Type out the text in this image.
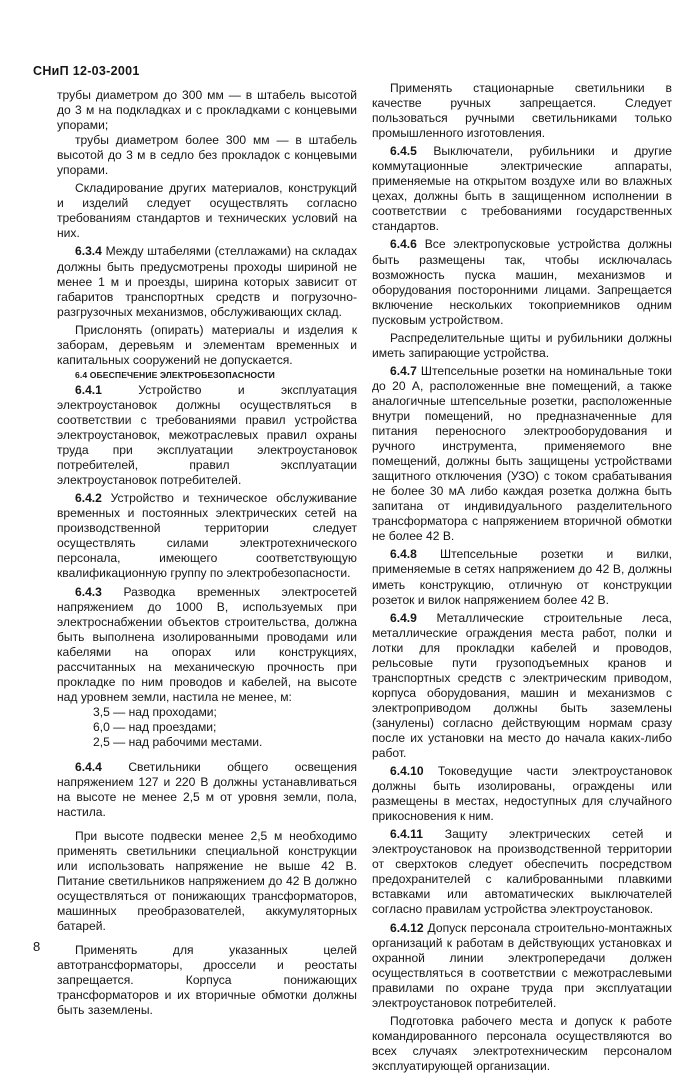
СНиП 12-03-2001

трубы диаметром до 300 мм — в штабель высотой до 3 м на подкладках и с прокладками с концевыми упорами;

трубы диаметром более 300 мм — в штабель высотой до 3 м в седло без прокладок с концевыми упорами.

Складирование других материалов, конструкций и изделий следует осуществлять согласно требованиям стандартов и технических условий на них.

6.3.4 Между штабелями (стеллажами) на складах должны быть предусмотрены проходы шириной не менее 1 м и проезды, ширина которых зависит от габаритов транспортных средств и погрузочно-разгрузочных механизмов, обслуживающих склад.

Прислонять (опирать) материалы и изделия к заборам, деревьям и элементам временных и капитальных сооружений не допускается.

6.4 ОБЕСПЕЧЕНИЕ ЭЛЕКТРОБЕЗОПАСНОСТИ

6.4.1 Устройство и эксплуатация электроустановок должны осуществляться в соответствии с требованиями правил устройства электроустановок, межотраслевых правил охраны труда при эксплуатации электроустановок потребителей, правил эксплуатации электроустановок потребителей.

6.4.2 Устройство и техническое обслуживание временных и постоянных электрических сетей на производственной территории следует осуществлять силами электротехнического персонала, имеющего соответствующую квалификационную группу по электробезопасности.

6.4.3 Разводка временных электросетей напряжением до 1000 В, используемых при электроснабжении объектов строительства, должна быть выполнена изолированными проводами или кабелями на опорах или конструкциях, рассчитанных на механическую прочность при прокладке по ним проводов и кабелей, на высоте над уровнем земли, настила не менее, м:

3,5 — над проходами;

6,0 — над проездами;

2,5 — над рабочими местами.

6.4.4 Светильники общего освещения напряжением 127 и 220 В должны устанавливаться на высоте не менее 2,5 м от уровня земли, пола, настила.

При высоте подвески менее 2,5 м необходимо применять светильники специальной конструкции или использовать напряжение не выше 42 В. Питание светильников напряжением до 42 В должно осуществляться от понижающих трансформаторов, машинных преобразователей, аккумуляторных батарей.

Применять для указанных целей автотрансформаторы, дроссели и реостаты запрещается. Корпуса понижающих трансформаторов и их вторичные обмотки должны быть заземлены.

Применять стационарные светильники в качестве ручных запрещается. Следует пользоваться ручными светильниками только промышленного изготовления.

6.4.5 Выключатели, рубильники и другие коммутационные электрические аппараты, применяемые на открытом воздухе или во влажных цехах, должны быть в защищенном исполнении в соответствии с требованиями государственных стандартов.

6.4.6 Все электропусковые устройства должны быть размещены так, чтобы исключалась возможность пуска машин, механизмов и оборудования посторонними лицами. Запрещается включение нескольких токоприемников одним пусковым устройством.

Распределительные щиты и рубильники должны иметь запирающие устройства.

6.4.7 Штепсельные розетки на номинальные токи до 20 А, расположенные вне помещений, а также аналогичные штепсельные розетки, расположенные внутри помещений, но предназначенные для питания переносного электрооборудования и ручного инструмента, применяемого вне помещений, должны быть защищены устройствами защитного отключения (УЗО) с током срабатывания не более 30 мА либо каждая розетка должна быть запитана от индивидуального разделительного трансформатора с напряжением вторичной обмотки не более 42 В.

6.4.8 Штепсельные розетки и вилки, применяемые в сетях напряжением до 42 В, должны иметь конструкцию, отличную от конструкции розеток и вилок напряжением более 42 В.

6.4.9 Металлические строительные леса, металлические ограждения места работ, полки и лотки для прокладки кабелей и проводов, рельсовые пути грузоподъемных кранов и транспортных средств с электрическим приводом, корпуса оборудования, машин и механизмов с электроприводом должны быть заземлены (занулены) согласно действующим нормам сразу после их установки на место до начала каких-либо работ.

6.4.10 Токоведущие части электроустановок должны быть изолированы, ограждены или размещены в местах, недоступных для случайного прикосновения к ним.

6.4.11 Защиту электрических сетей и электроустановок на производственной территории от сверхтоков следует обеспечить посредством предохранителей с калиброванными плавкими вставками или автоматических выключателей согласно правилам устройства электроустановок.

6.4.12 Допуск персонала строительно-монтажных организаций к работам в действующих установках и охранной линии электропередачи должен осуществляться в соответствии с межотраслевыми правилами по охране труда при эксплуатации электроустановок потребителей.

Подготовка рабочего места и допуск к работе командированного персонала осуществляются во всех случаях электротехническим персоналом эксплуатирующей организации.

8
